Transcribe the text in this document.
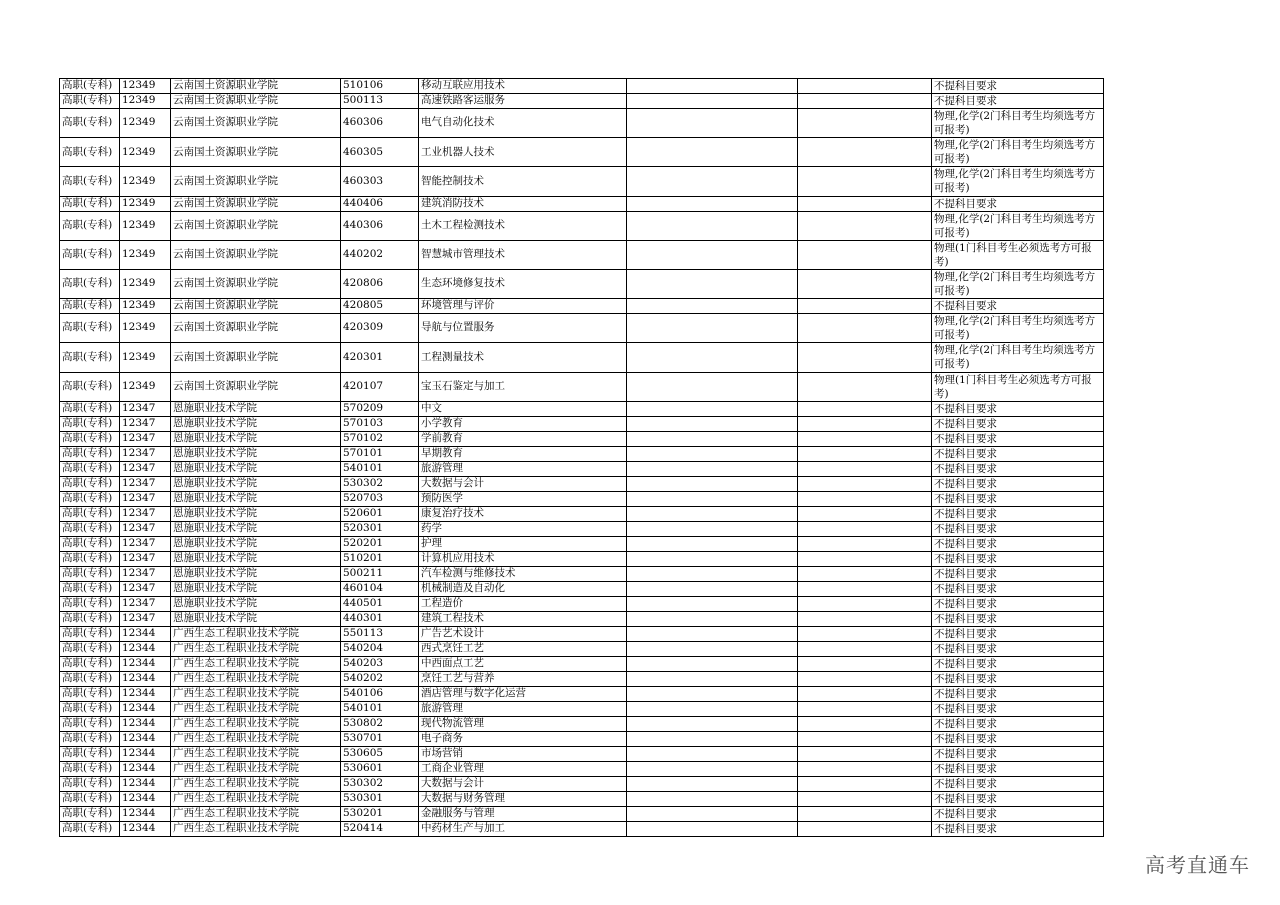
高职(专科)	12349	云南国土资源职业学院	510106	移动互联应用技术			不提科目要求
高职(专科)	12349	云南国土资源职业学院	500113	高速铁路客运服务			不提科目要求
高职(专科)	12349	云南国土资源职业学院	460306	电气自动化技术			物理,化学(2门科目考生均须选考方可报考)
高职(专科)	12349	云南国土资源职业学院	460305	工业机器人技术			物理,化学(2门科目考生均须选考方可报考)
高职(专科)	12349	云南国土资源职业学院	460303	智能控制技术			物理,化学(2门科目考生均须选考方可报考)
高职(专科)	12349	云南国土资源职业学院	440406	建筑消防技术			不提科目要求
高职(专科)	12349	云南国土资源职业学院	440306	土木工程检测技术			物理,化学(2门科目考生均须选考方可报考)
高职(专科)	12349	云南国土资源职业学院	440202	智慧城市管理技术			物理(1门科目考生必须选考方可报考)
高职(专科)	12349	云南国土资源职业学院	420806	生态环境修复技术			物理,化学(2门科目考生均须选考方可报考)
高职(专科)	12349	云南国土资源职业学院	420805	环境管理与评价			不提科目要求
高职(专科)	12349	云南国土资源职业学院	420309	导航与位置服务			物理,化学(2门科目考生均须选考方可报考)
高职(专科)	12349	云南国土资源职业学院	420301	工程测量技术			物理,化学(2门科目考生均须选考方可报考)
高职(专科)	12349	云南国土资源职业学院	420107	宝玉石鉴定与加工			物理(1门科目考生必须选考方可报考)
高职(专科)	12347	恩施职业技术学院	570209	中文			不提科目要求
高职(专科)	12347	恩施职业技术学院	570103	小学教育			不提科目要求
高职(专科)	12347	恩施职业技术学院	570102	学前教育			不提科目要求
高职(专科)	12347	恩施职业技术学院	570101	早期教育			不提科目要求
高职(专科)	12347	恩施职业技术学院	540101	旅游管理			不提科目要求
高职(专科)	12347	恩施职业技术学院	530302	大数据与会计			不提科目要求
高职(专科)	12347	恩施职业技术学院	520703	预防医学			不提科目要求
高职(专科)	12347	恩施职业技术学院	520601	康复治疗技术			不提科目要求
高职(专科)	12347	恩施职业技术学院	520301	药学			不提科目要求
高职(专科)	12347	恩施职业技术学院	520201	护理			不提科目要求
高职(专科)	12347	恩施职业技术学院	510201	计算机应用技术			不提科目要求
高职(专科)	12347	恩施职业技术学院	500211	汽车检测与维修技术			不提科目要求
高职(专科)	12347	恩施职业技术学院	460104	机械制造及自动化			不提科目要求
高职(专科)	12347	恩施职业技术学院	440501	工程造价			不提科目要求
高职(专科)	12347	恩施职业技术学院	440301	建筑工程技术			不提科目要求
高职(专科)	12344	广西生态工程职业技术学院	550113	广告艺术设计			不提科目要求
高职(专科)	12344	广西生态工程职业技术学院	540204	西式烹饪工艺			不提科目要求
高职(专科)	12344	广西生态工程职业技术学院	540203	中西面点工艺			不提科目要求
高职(专科)	12344	广西生态工程职业技术学院	540202	烹饪工艺与营养			不提科目要求
高职(专科)	12344	广西生态工程职业技术学院	540106	酒店管理与数字化运营			不提科目要求
高职(专科)	12344	广西生态工程职业技术学院	540101	旅游管理			不提科目要求
高职(专科)	12344	广西生态工程职业技术学院	530802	现代物流管理			不提科目要求
高职(专科)	12344	广西生态工程职业技术学院	530701	电子商务			不提科目要求
高职(专科)	12344	广西生态工程职业技术学院	530605	市场营销			不提科目要求
高职(专科)	12344	广西生态工程职业技术学院	530601	工商企业管理			不提科目要求
高职(专科)	12344	广西生态工程职业技术学院	530302	大数据与会计			不提科目要求
高职(专科)	12344	广西生态工程职业技术学院	530301	大数据与财务管理			不提科目要求
高职(专科)	12344	广西生态工程职业技术学院	530201	金融服务与管理			不提科目要求
高职(专科)	12344	广西生态工程职业技术学院	520414	中药材生产与加工			不提科目要求
高考直通车
